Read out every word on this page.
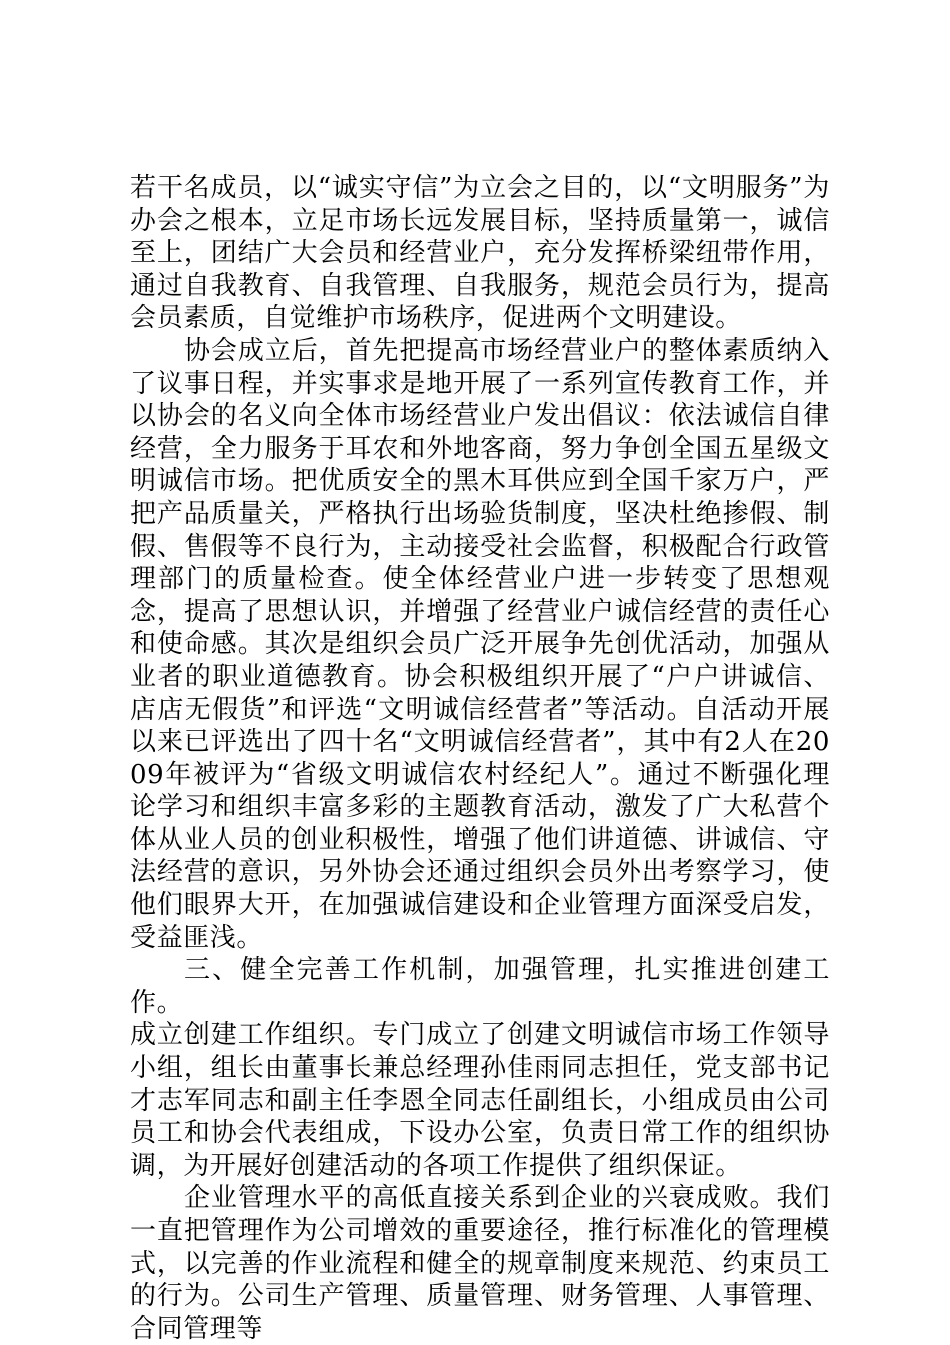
若干名成员，以“诚实守信”为立会之目的，以“文明服务”为办会之根本，立足市场长远发展目标，坚持质量第一，诚信至上，团结广大会员和经营业户，充分发挥桥梁纽带作用，通过自我教育、自我管理、自我服务，规范会员行为，提高会员素质，自觉维护市场秩序，促进两个文明建设。

协会成立后，首先把提高市场经营业户的整体素质纳入了议事日程，并实事求是地开展了一系列宣传教育工作，并以协会的名义向全体市场经营业户发出倡议：依法诚信自律经营，全力服务于耳农和外地客商，努力争创全国五星级文明诚信市场。把优质安全的黑木耳供应到全国千家万户，严把产品质量关，严格执行出场验货制度，坚决杜绝掺假、制假、售假等不良行为，主动接受社会监督，积极配合行政管理部门的质量检查。使全体经营业户进一步转变了思想观念，提高了思想认识，并增强了经营业户诚信经营的责任心和使命感。其次是组织会员广泛开展争先创优活动，加强从业者的职业道德教育。协会积极组织开展了“户户讲诚信、店店无假货”和评选“文明诚信经营者”等活动。自活动开展以来已评选出了四十名“文明诚信经营者”，其中有2人在2009年被评为“省级文明诚信农村经纪人”。通过不断强化理论学习和组织丰富多彩的主题教育活动，激发了广大私营个体从业人员的创业积极性，增强了他们讲道德、讲诚信、守法经营的意识，另外协会还通过组织会员外出考察学习，使他们眼界大开，在加强诚信建设和企业管理方面深受启发，受益匪浅。

三、健全完善工作机制，加强管理，扎实推进创建工作。

成立创建工作组织。专门成立了创建文明诚信市场工作领导小组，组长由董事长兼总经理孙佳雨同志担任，党支部书记才志军同志和副主任李恩全同志任副组长，小组成员由公司员工和协会代表组成，下设办公室，负责日常工作的组织协调，为开展好创建活动的各项工作提供了组织保证。

企业管理水平的高低直接关系到企业的兴衰成败。我们一直把管理作为公司增效的重要途径，推行标准化的管理模式，以完善的作业流程和健全的规章制度来规范、约束员工的行为。公司生产管理、质量管理、财务管理、人事管理、合同管理等
